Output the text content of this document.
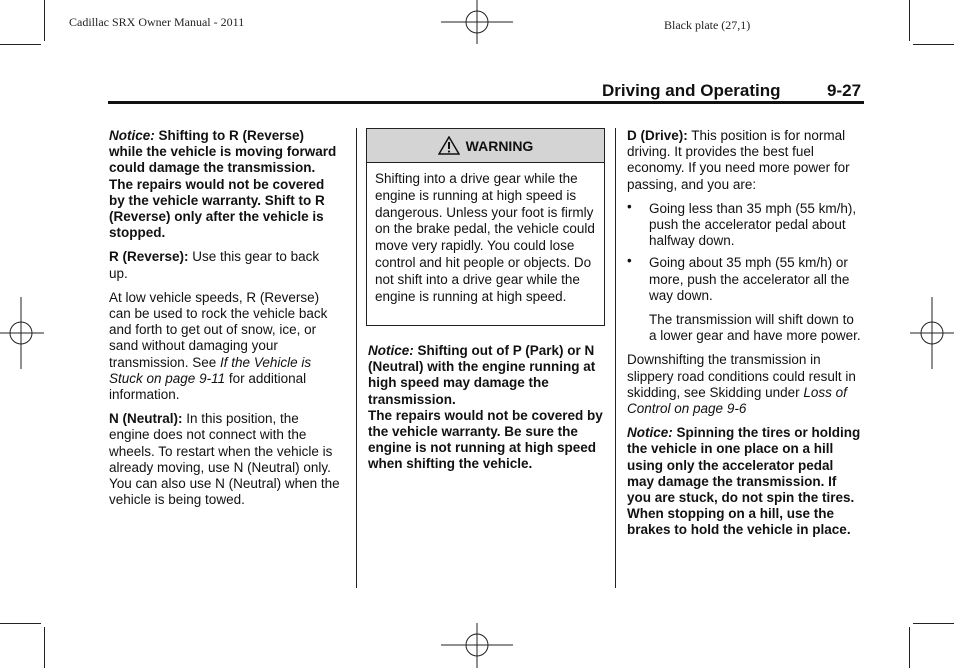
Cadillac SRX Owner Manual - 2011	Black plate (27,1)
Driving and Operating	9-27

Notice: Shifting to R (Reverse) while the vehicle is moving forward could damage the transmission. The repairs would not be covered by the vehicle warranty. Shift to R (Reverse) only after the vehicle is stopped.

R (Reverse): Use this gear to back up.

At low vehicle speeds, R (Reverse) can be used to rock the vehicle back and forth to get out of snow, ice, or sand without damaging your transmission. See If the Vehicle is Stuck on page 9-11 for additional information.

N (Neutral): In this position, the engine does not connect with the wheels. To restart when the vehicle is already moving, use N (Neutral) only. You can also use N (Neutral) when the vehicle is being towed.

WARNING
Shifting into a drive gear while the engine is running at high speed is dangerous. Unless your foot is firmly on the brake pedal, the vehicle could move very rapidly. You could lose control and hit people or objects. Do not shift into a drive gear while the engine is running at high speed.
Notice: Shifting out of P (Park) or N (Neutral) with the engine running at high speed may damage the transmission.
The repairs would not be covered by the vehicle warranty. Be sure the engine is not running at high speed when shifting the vehicle.

D (Drive): This position is for normal driving. It provides the best fuel economy. If you need more power for passing, and you are:

• Going less than 35 mph (55 km/h), push the accelerator pedal about halfway down.
• Going about 35 mph (55 km/h) or more, push the accelerator all the way down.

The transmission will shift down to a lower gear and have more power.

Downshifting the transmission in slippery road conditions could result in skidding, see Skidding under Loss of Control on page 9-6

Notice: Spinning the tires or holding the vehicle in one place on a hill using only the accelerator pedal may damage the transmission. If you are stuck, do not spin the tires. When stopping on a hill, use the brakes to hold the vehicle in place.
